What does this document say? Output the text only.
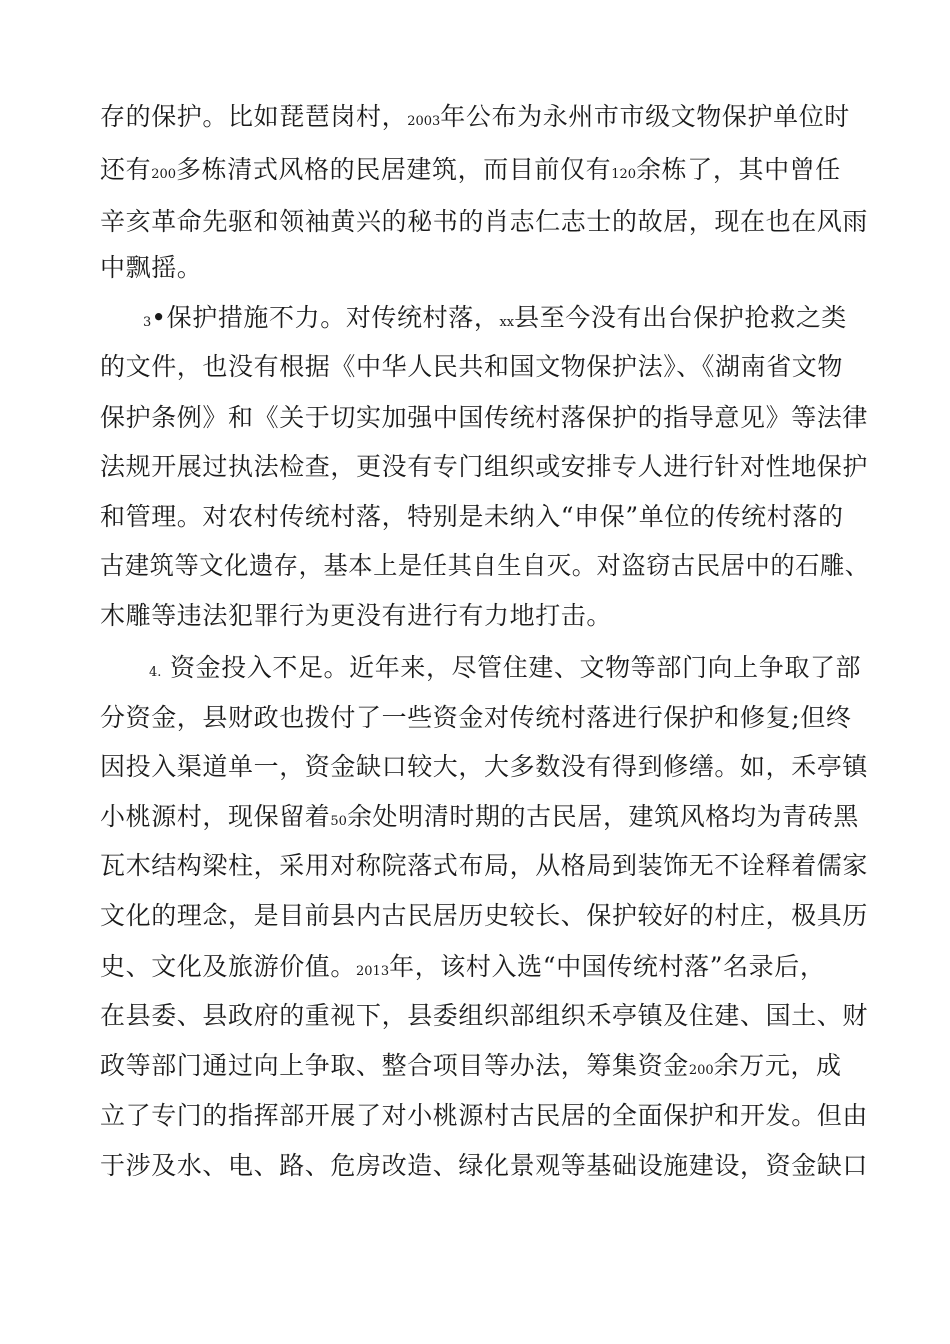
存的保护。比如琵琶岗村，2003年公布为永州市市级文物保护单位时
还有200多栋清式风格的民居建筑，而目前仅有120余栋了，其中曾任
辛亥革命先驱和领袖黄兴的秘书的肖志仁志士的故居，现在也在风雨
中飘摇。
3•保护措施不力。对传统村落，xx县至今没有出台保护抢救之类
的文件，也没有根据《中华人民共和国文物保护法》、《湖南省文物
保护条例》和《关于切实加强中国传统村落保护的指导意见》等法律
法规开展过执法检查，更没有专门组织或安排专人进行针对性地保护
和管理。对农村传统村落，特别是未纳入“申保”单位的传统村落的
古建筑等文化遗存，基本上是任其自生自灭。对盗窃古民居中的石雕、
木雕等违法犯罪行为更没有进行有力地打击。
4. 资金投入不足。近年来，尽管住建、文物等部门向上争取了部
分资金，县财政也拨付了一些资金对传统村落进行保护和修复;但终
因投入渠道单一，资金缺口较大，大多数没有得到修缮。如，禾亭镇
小桃源村，现保留着50余处明清时期的古民居，建筑风格均为青砖黑
瓦木结构梁柱，采用对称院落式布局，从格局到装饰无不诠释着儒家
文化的理念，是目前县内古民居历史较长、保护较好的村庄，极具历
史、文化及旅游价值。2013年，该村入选“中国传统村落”名录后，
在县委、县政府的重视下，县委组织部组织禾亭镇及住建、国土、财
政等部门通过向上争取、整合项目等办法，筹集资金200余万元，成
立了专门的指挥部开展了对小桃源村古民居的全面保护和开发。但由
于涉及水、电、路、危房改造、绿化景观等基础设施建设，资金缺口
